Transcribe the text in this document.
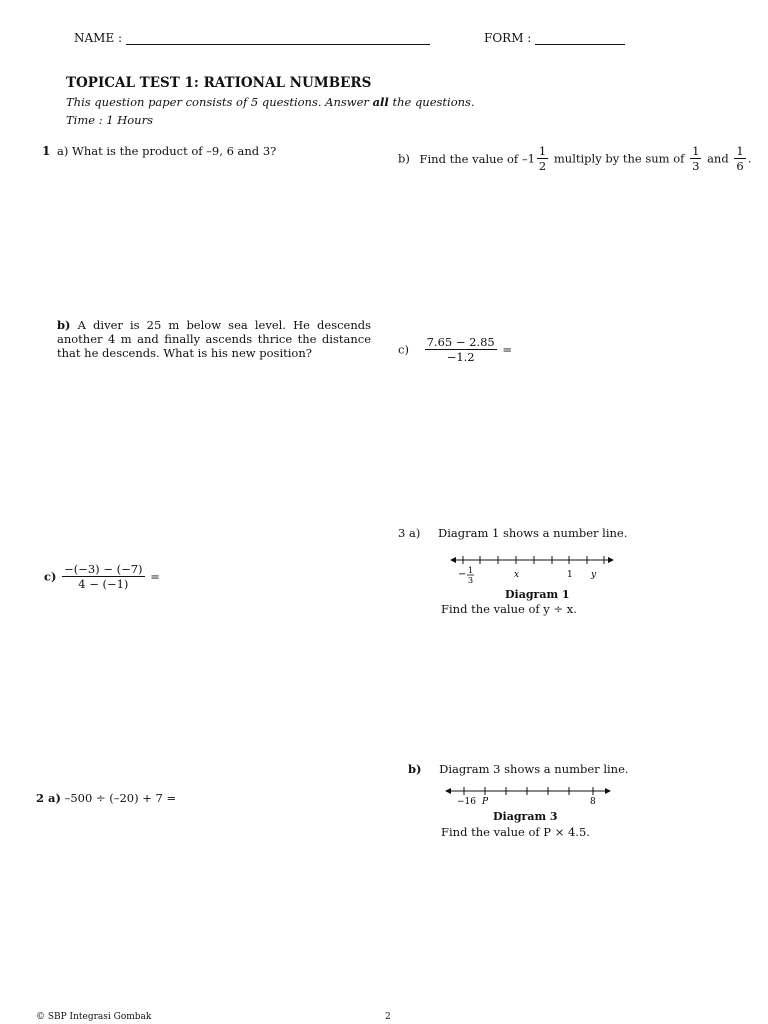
NAME :	FORM :
TOPICAL TEST 1: RATIONAL NUMBERS
This question paper consists of 5 questions. Answer all the questions.
Time : 1 Hours
1 a) What is the product of –9, 6 and 3?
b) A diver is 25 m below sea level. He descends another 4 m and finally ascends thrice the distance that he descends. What is his new position?
$c) \frac{-(-3) - (-7)}{4 - (-1)}$ =
2 a) –500 ÷ (–20) + 7 =
b) Find the value of $-1 \frac{1}{2}$ multiply by the sum of $\frac{1}{3}$ and $\frac{1}{6}$ .
$c) \frac{7.65 - 2.85}{-1.2}$ =
3 a) Diagram 1 shows a number line.
− 1
3
x	1 y
Diagram 1
Find the value of y ÷ x.
b) Diagram 3 shows a number line.
−16 P	8
Diagram 3
Find the value of P × 4.5.
© SBP Integrasi Gombak	2
